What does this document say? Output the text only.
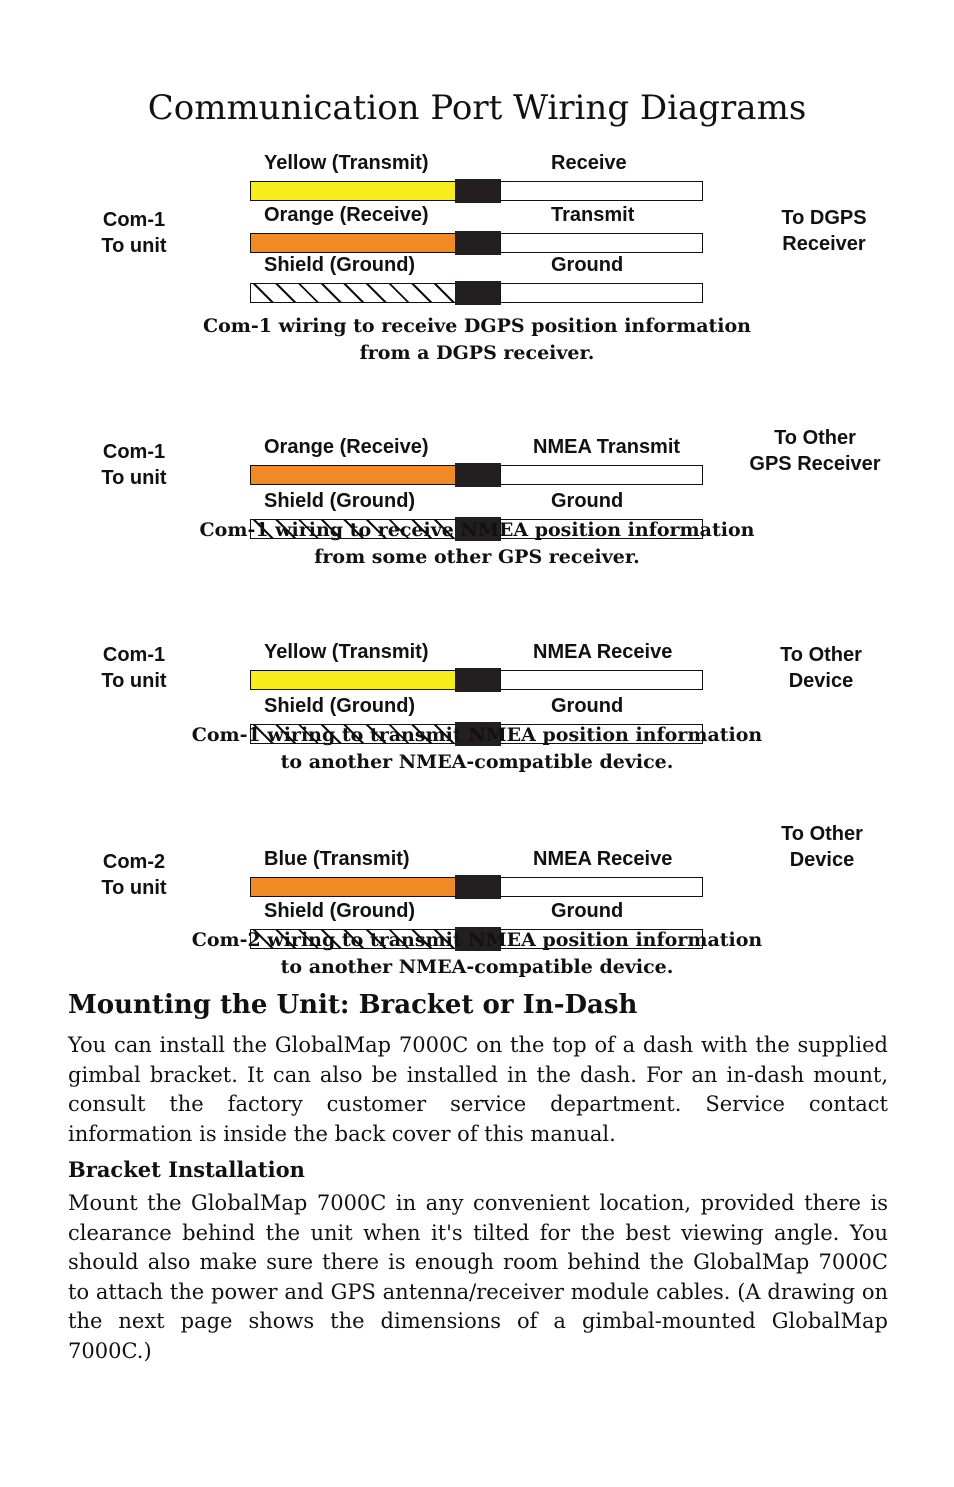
Communication Port Wiring Diagrams
Com-1
To unit
To DGPS
Receiver
Yellow (Transmit)	Receive
Orange (Receive)	Transmit
Shield (Ground)	Ground
Com-1 wiring to receive DGPS position information
from a DGPS receiver.
Com-1
To unit
To Other
GPS Receiver
Orange (Receive)	NMEA Transmit
Shield (Ground)	Ground
Com-1 wiring to receive NMEA position information
from some other GPS receiver.
Com-1
To unit
To Other
Device
Yellow (Transmit)	NMEA Receive
Shield (Ground)	Ground
Com-1 wiring to transmit NMEA position information
to another NMEA-compatible device.
Com-2
To unit
To Other
Device
Blue (Transmit)	NMEA Receive
Shield (Ground)	Ground
Com-2 wiring to transmit NMEA position information
to another NMEA-compatible device.
Mounting the Unit: Bracket or In-Dash
You can install the GlobalMap 7000C on the top of a dash with the supplied gimbal bracket. It can also be installed in the dash. For an in-dash mount, consult the factory customer service department. Service contact information is inside the back cover of this manual.
Bracket Installation
Mount the GlobalMap 7000C in any convenient location, provided there is clearance behind the unit when it's tilted for the best viewing angle. You should also make sure there is enough room behind the GlobalMap 7000C to attach the power and GPS antenna/receiver module cables. (A drawing on the next page shows the dimensions of a gimbal-mounted GlobalMap 7000C.)
